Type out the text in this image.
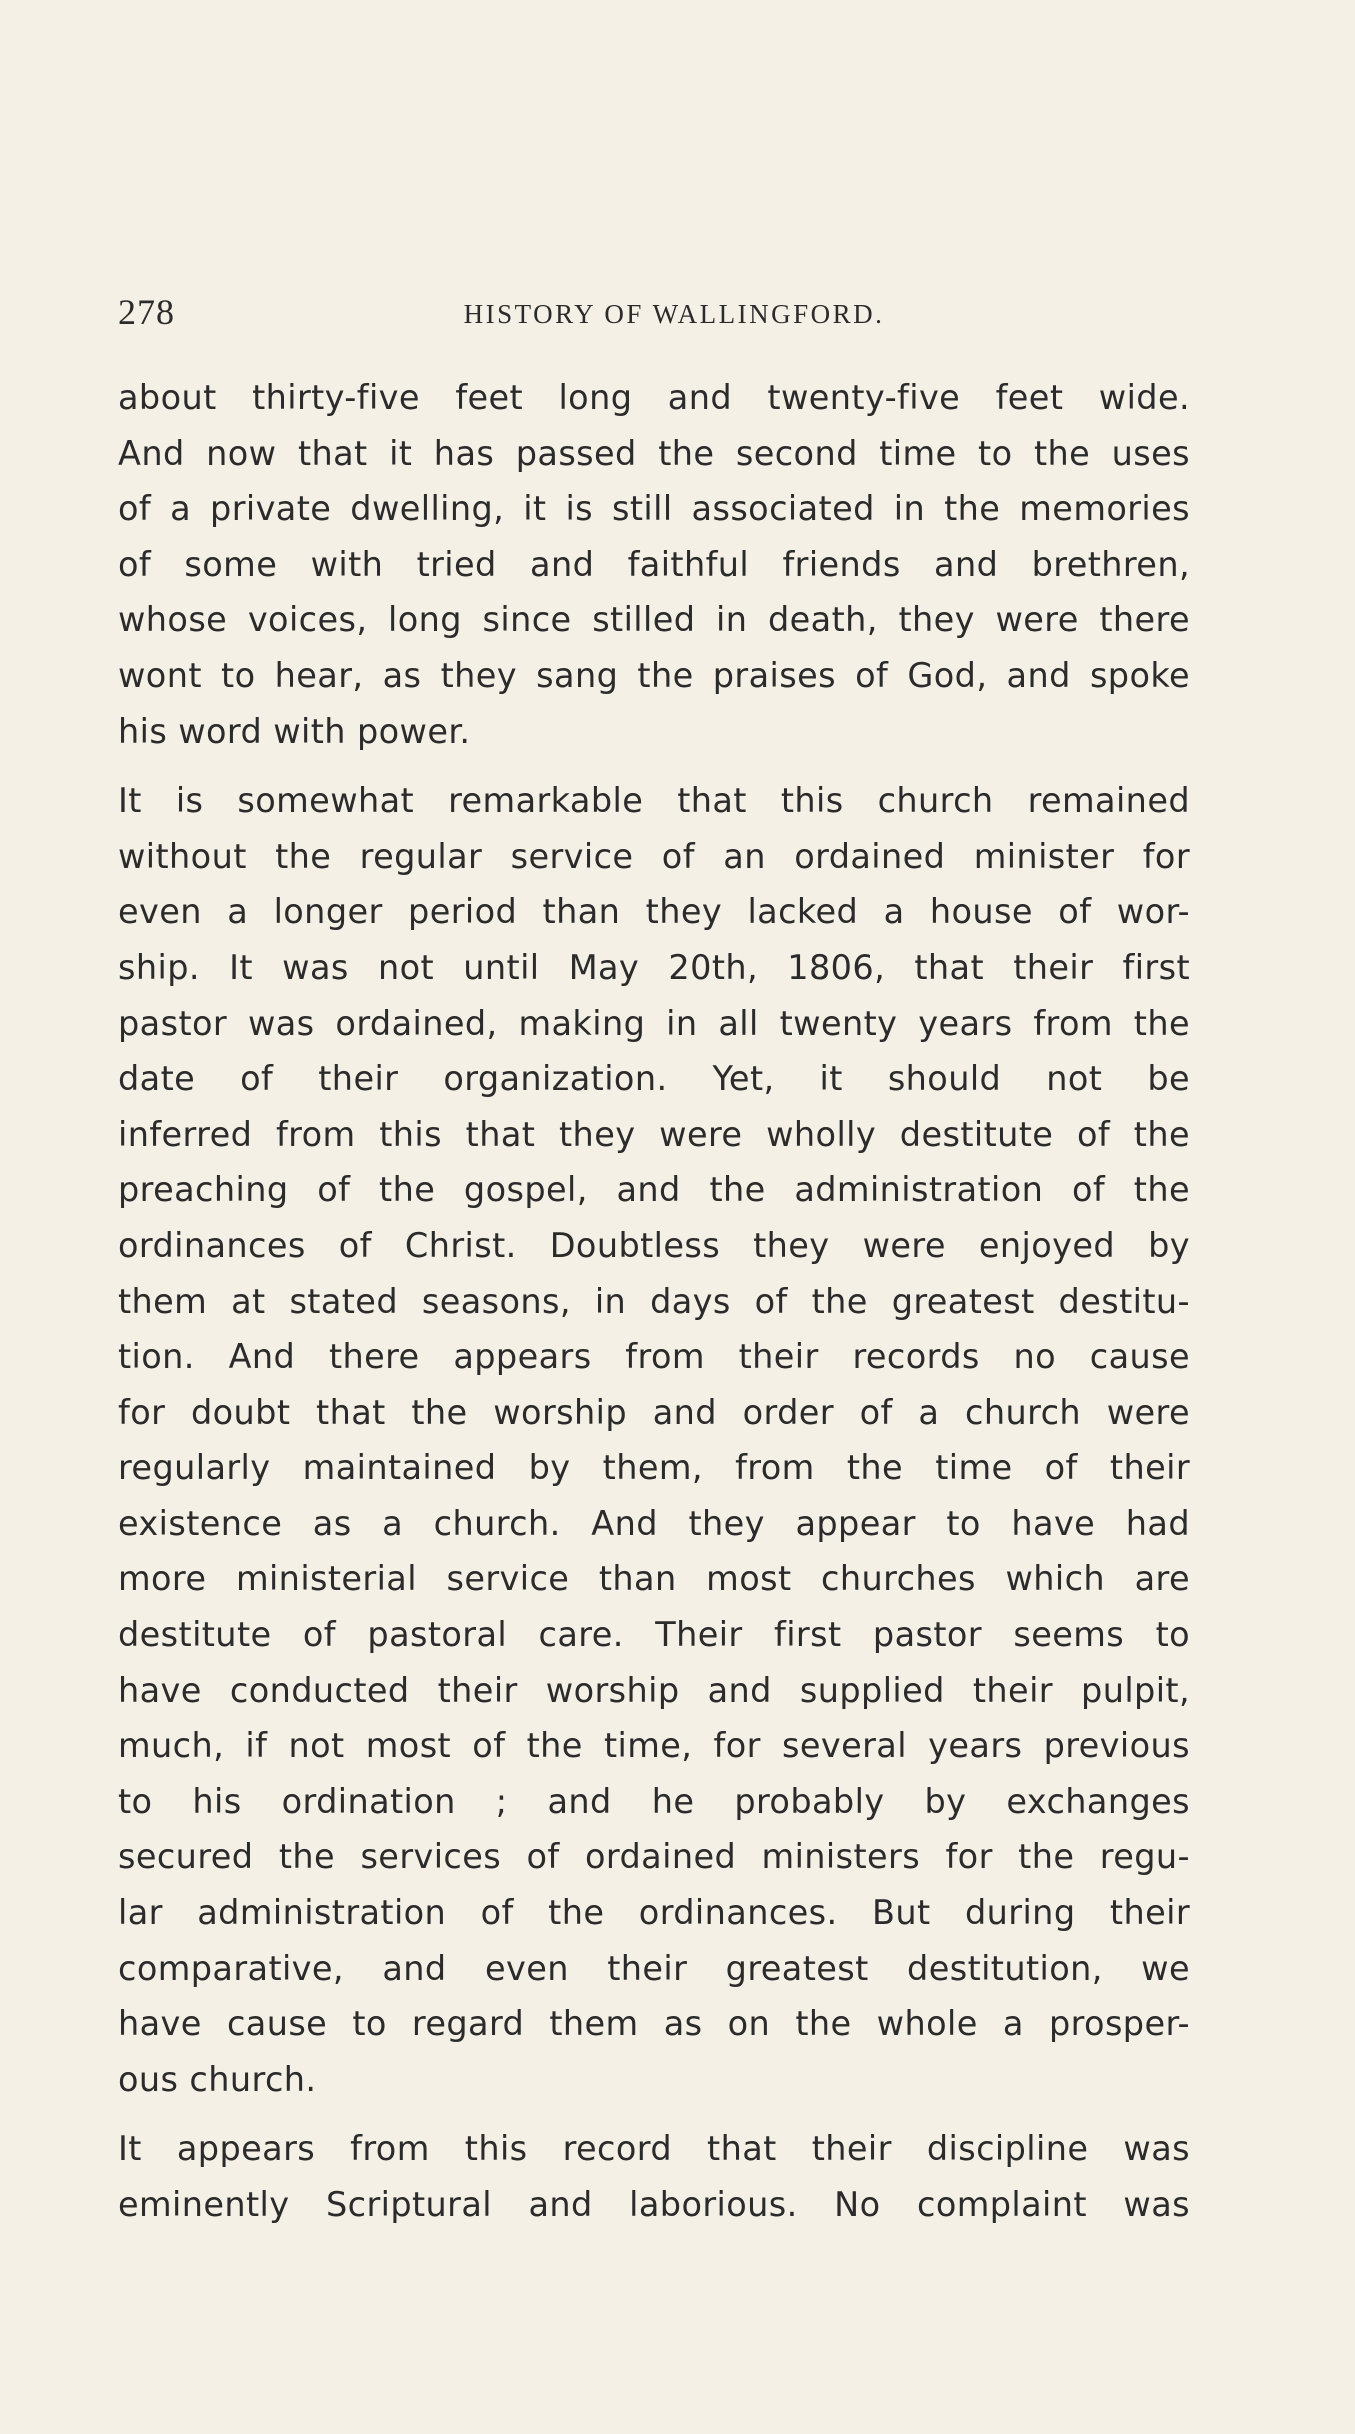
278	HISTORY OF WALLINGFORD.

about thirty-five feet long and twenty-five feet wide.
And now that it has passed the second time to the uses
of a private dwelling, it is still associated in the memories
of some with tried and faithful friends and brethren,
whose voices, long since stilled in death, they were there
wont to hear, as they sang the praises of God, and spoke
his word with power.

It is somewhat remarkable that this church remained
without the regular service of an ordained minister for
even a longer period than they lacked a house of wor-
ship. It was not until May 20th, 1806, that their first
pastor was ordained, making in all twenty years from the
date of their organization. Yet, it should not be
inferred from this that they were wholly destitute of the
preaching of the gospel, and the administration of the
ordinances of Christ. Doubtless they were enjoyed by
them at stated seasons, in days of the greatest destitu-
tion. And there appears from their records no cause
for doubt that the worship and order of a church were
regularly maintained by them, from the time of their
existence as a church. And they appear to have had
more ministerial service than most churches which are
destitute of pastoral care. Their first pastor seems to
have conducted their worship and supplied their pulpit,
much, if not most of the time, for several years previous
to his ordination ; and he probably by exchanges
secured the services of ordained ministers for the regu-
lar administration of the ordinances. But during their
comparative, and even their greatest destitution, we
have cause to regard them as on the whole a prosper-
ous church.

It appears from this record that their discipline was
eminently Scriptural and laborious. No complaint was
